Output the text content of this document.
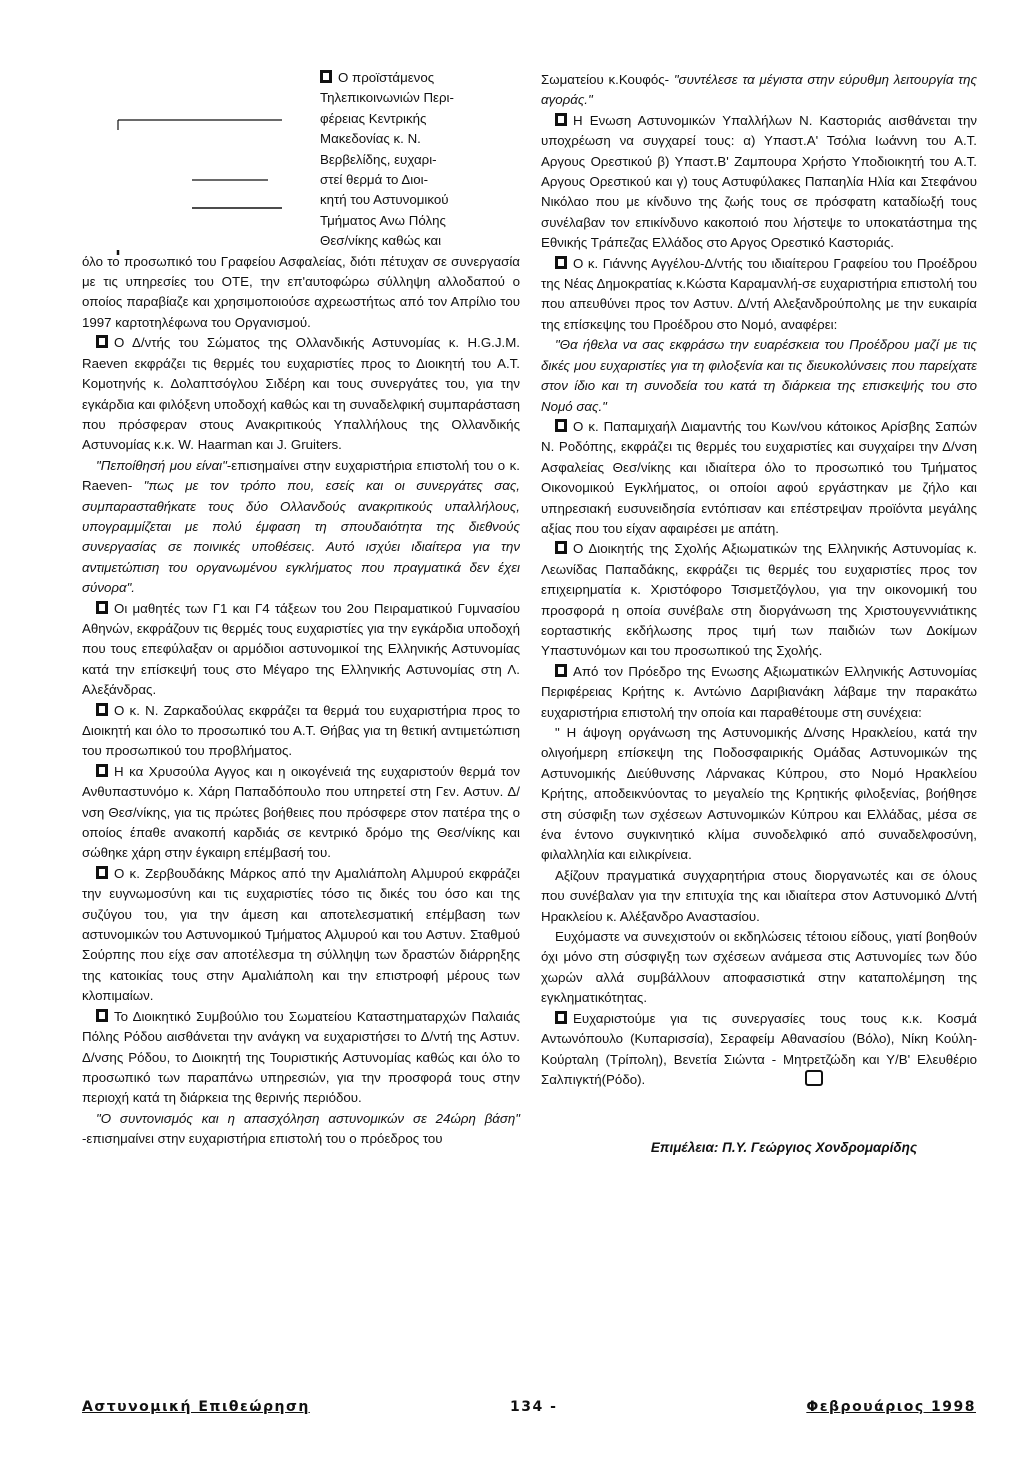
Ο προϊστάμενος
Τηλεπικοινωνιών Περι-
φέρειας Κεντρικής
Μακεδονίας κ. Ν.
Βερβελίδης, ευχαρι-
στεί θερμά το Διοι-
κητή του Αστυνομικού
Τμήματος Ανω Πόλης
Θεσ/νίκης καθώς και

όλο το προσωπικό του Γραφείου Ασφαλείας, διότι πέτυχαν σε συνεργασία με τις υπηρεσίες του ΟΤΕ, την επ'αυτοφώρω σύλληψη αλλοδαπού ο οποίος παραβίαζε και χρησιμοποιούσε αχρεωστήτως από τον Απρίλιο του 1997 καρτοτηλέφωνα του Οργανισμού.

Ο Δ/ντής του Σώματος της Ολλανδικής Αστυνομίας κ. H.G.J.M. Raeven εκφράζει τις θερμές του ευχαριστίες προς το Διοικητή του Α.Τ. Κομοτηνής κ. Δολαπτσόγλου Σιδέρη και τους συνεργάτες του, για την εγκάρδια και φιλόξενη υποδοχή καθώς και τη συναδελφική συμπαράσταση που πρόσφεραν στους Ανακριτικούς Υπαλλήλους της Ολλανδικής Αστυνομίας κ.κ. W. Haarman και J. Gruiters.

"Πεποίθησή μου είναι"-επισημαίνει στην ευχαριστήρια επιστολή του ο κ. Raeven- "πως με τον τρόπο που, εσείς και οι συνεργάτες σας, συμπαρασταθήκατε τους δύο Ολλανδούς ανακριτικούς υπαλλήλους, υπογραμμίζεται με πολύ έμφαση τη σπουδαιότητα της διεθνούς συνεργασίας σε ποινικές υποθέσεις. Αυτό ισχύει ιδιαίτερα για την αντιμετώπιση του οργανωμένου εγκλήματος που πραγματικά δεν έχει σύνορα".

Οι μαθητές των Γ1 και Γ4 τάξεων του 2ου Πειραματικού Γυμνασίου Αθηνών, εκφράζουν τις θερμές τους ευχαριστίες για την εγκάρδια υποδοχή που τους επεφύλαξαν οι αρμόδιοι αστυνομικοί της Ελληνικής Αστυνομίας κατά την επίσκεψή τους στο Μέγαρο της Ελληνικής Αστυνομίας στη Λ. Αλεξάνδρας.

Ο κ. Ν. Ζαρκαδούλας εκφράζει τα θερμά του ευχαριστήρια προς το Διοικητή και όλο το προσωπικό του Α.Τ. Θήβας για τη θετική αντιμετώπιση του προσωπικού του προβλήματος.

Η κα Χρυσούλα Αγγος και η οικογένειά της ευχαριστούν θερμά τον Ανθυπαστυνόμο κ. Χάρη Παπαδόπουλο που υπηρετεί στη Γεν. Αστυν. Δ/νση Θεσ/νίκης, για τις πρώτες βοήθειες που πρόσφερε στον πατέρα της ο οποίος έπαθε ανακοπή καρδιάς σε κεντρικό δρόμο της Θεσ/νίκης και σώθηκε χάρη στην έγκαιρη επέμβασή του.

Ο κ. Ζερβουδάκης Μάρκος από την Αμαλιάπολη Αλμυρού εκφράζει την ευγνωμοσύνη και τις ευχαριστίες τόσο τις δικές του όσο και της συζύγου του, για την άμεση και αποτελεσματική επέμβαση των αστυνομικών του Αστυνομικού Τμήματος Αλμυρού και του Αστυν. Σταθμού Σούρπης που είχε σαν αποτέλεσμα τη σύλληψη των δραστών διάρρηξης της κατοικίας τους στην Αμαλιάπολη και την επιστροφή μέρους των κλοπιμαίων.

Το Διοικητικό Συμβούλιο του Σωματείου Καταστηματαρχών Παλαιάς Πόλης Ρόδου αισθάνεται την ανάγκη να ευχαριστήσει το Δ/ντή της Αστυν. Δ/νσης Ρόδου, το Διοικητή της Τουριστικής Αστυνομίας καθώς και όλο το προσωπικό των παραπάνω υπηρεσιών, για την προσφορά τους στην περιοχή κατά τη διάρκεια της θερινής περιόδου.

"Ο συντονισμός και η απασχόληση αστυνομικών σε 24ώρη βάση" -επισημαίνει στην ευχαριστήρια επιστολή του ο πρόεδρος του

Σωματείου κ.Κουφός- "συντέλεσε τα μέγιστα στην εύρυθμη λειτουργία της αγοράς."

Η Ενωση Αστυνομικών Υπαλλήλων Ν. Καστοριάς αισθάνεται την υποχρέωση να συγχαρεί τους: α) Υπαστ.Α' Τσόλια Ιωάννη του Α.Τ. Αργους Ορεστικού β) Υπαστ.Β' Ζαμπουρα Χρήστο Υποδιοικητή του Α.Τ. Αργους Ορεστικού και γ) τους Αστυφύλακες Παπαηλία Ηλία και Στεφάνου Νικόλαο που με κίνδυνο της ζωής τους σε πρόσφατη καταδίωξή τους συνέλαβαν τον επικίνδυνο κακοποιό που λήστεψε το υποκατάστημα της Εθνικής Τράπεζας Ελλάδος στο Αργος Ορεστικό Καστοριάς.

Ο κ. Γιάννης Αγγέλου-Δ/ντής του ιδιαίτερου Γραφείου του Προέδρου της Νέας Δημοκρατίας κ.Κώστα Καραμανλή-σε ευχαριστήρια επιστολή του που απευθύνει προς τον Αστυν. Δ/ντή Αλεξανδρούπολης με την ευκαιρία της επίσκεψης του Προέδρου στο Νομό, αναφέρει:

"Θα ήθελα να σας εκφράσω την ευαρέσκεια του Προέδρου μαζί με τις δικές μου ευχαριστίες για τη φιλοξενία και τις διευκολύνσεις που παρείχατε στον ίδιο και τη συνοδεία του κατά τη διάρκεια της επισκεψής του στο Νομό σας."

Ο κ. Παπαμιχαήλ Διαμαντής του Κων/νου κάτοικος Αρίσβης Σαπών Ν. Ροδόπης, εκφράζει τις θερμές του ευχαριστίες και συγχαίρει την Δ/νση Ασφαλείας Θεσ/νίκης και ιδιαίτερα όλο το προσωπικό του Τμήματος Οικονομικού Εγκλήματος, οι οποίοι αφού εργάστηκαν με ζήλο και υπηρεσιακή ευσυνειδησία εντόπισαν και επέστρεψαν προϊόντα μεγάλης αξίας που του είχαν αφαιρέσει με απάτη.

Ο Διοικητής της Σχολής Αξιωματικών της Ελληνικής Αστυνομίας κ. Λεωνίδας Παπαδάκης, εκφράζει τις θερμές του ευχαριστίες προς τον επιχειρηματία κ. Χριστόφορο Τσισμετζόγλου, για την οικονομική του προσφορά η οποία συνέβαλε στη διοργάνωση της Χριστουγεννιάτικης εορταστικής εκδήλωσης προς τιμή των παιδιών των Δοκίμων Υπαστυνόμων και του προσωπικού της Σχολής.

Από τον Πρόεδρο της Ενωσης Αξιωματικών Ελληνικής Αστυνομίας Περιφέρειας Κρήτης κ. Αντώνιο Δαριβιανάκη λάβαμε την παρακάτω ευχαριστήρια επιστολή την οποία και παραθέτουμε στη συνέχεια:

" Η άψογη οργάνωση της Αστυνομικής Δ/νσης Ηρακλείου, κατά την ολιγοήμερη επίσκεψη της Ποδοσφαιρικής Ομάδας Αστυνομικών της Αστυνομικής Διεύθυνσης Λάρνακας Κύπρου, στο Νομό Ηρακλείου Κρήτης, αποδεικνύοντας το μεγαλείο της Κρητικής φιλοξενίας, βοήθησε στη σύσφιξη των σχέσεων Αστυνομικών Κύπρου και Ελλάδας, μέσα σε ένα έντονο συγκινητικό κλίμα συνοδελφικό από συναδελφοσύνη, φιλαλληλία και ειλικρίνεια.

Αξίζουν πραγματικά συγχαρητήρια στους διοργανωτές και σε όλους που συνέβαλαν για την επιτυχία της και ιδιαίτερα στον Αστυνομικό Δ/ντή Ηρακλείου κ. Αλέξανδρο Αναστασίου.

Ευχόμαστε να συνεχιστούν οι εκδηλώσεις τέτοιου είδους, γιατί βοηθούν όχι μόνο στη σύσφιγξη των σχέσεων ανάμεσα στις Αστυνομίες των δύο χωρών αλλά συμβάλλουν αποφασιστικά στην καταπολέμηση της εγκληματικότητας.

Ευχαριστούμε για τις συνεργασίες τους τους κ.κ. Κοσμά Αντωνόπουλο (Κυπαρισσία), Σεραφείμ Αθανασίου (Βόλο), Νίκη Κούλη- Κούρταλη (Τρίπολη), Βενετία Σιώντα - Μητρετζώδη και Υ/Β' Ελευθέριο Σαλπιγκτή(Ρόδο).

Επιμέλεια: Π.Υ. Γεώργιος Χονδρομαρίδης
Αστυνομική Επιθεώρηση	134 -	Φεβρουάριος 1998
